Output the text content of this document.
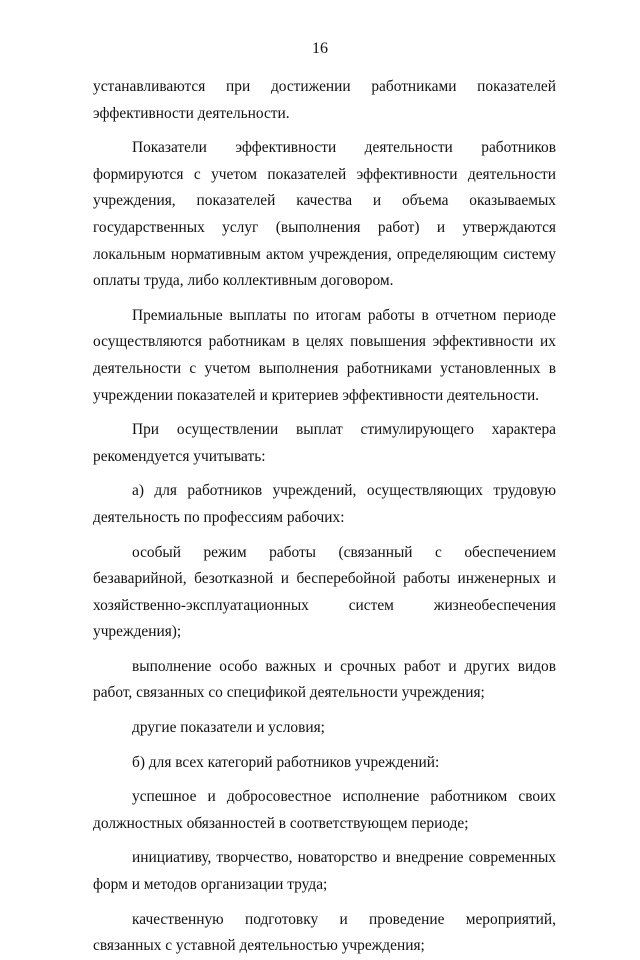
16

устанавливаются при достижении работниками показателей эффективности деятельности.

Показатели эффективности деятельности работников формируются с учетом показателей эффективности деятельности учреждения, показателей качества и объема оказываемых государственных услуг (выполнения работ) и утверждаются локальным нормативным актом учреждения, определяющим систему оплаты труда, либо коллективным договором.

Премиальные выплаты по итогам работы в отчетном периоде осуществляются работникам в целях повышения эффективности их деятельности с учетом выполнения работниками установленных в учреждении показателей и критериев эффективности деятельности.

При осуществлении выплат стимулирующего характера рекомендуется учитывать:

а) для работников учреждений, осуществляющих трудовую деятельность по профессиям рабочих:

особый режим работы (связанный с обеспечением безаварийной, безотказной и бесперебойной работы инженерных и хозяйственно-эксплуатационных систем жизнеобеспечения учреждения);

выполнение особо важных и срочных работ и других видов работ, связанных со спецификой деятельности учреждения;

другие показатели и условия;

б) для всех категорий работников учреждений:

успешное и добросовестное исполнение работником своих должностных обязанностей в соответствующем периоде;

инициативу, творчество, новаторство и внедрение современных форм и методов организации труда;

качественную подготовку и проведение мероприятий, связанных с уставной деятельностью учреждения;
